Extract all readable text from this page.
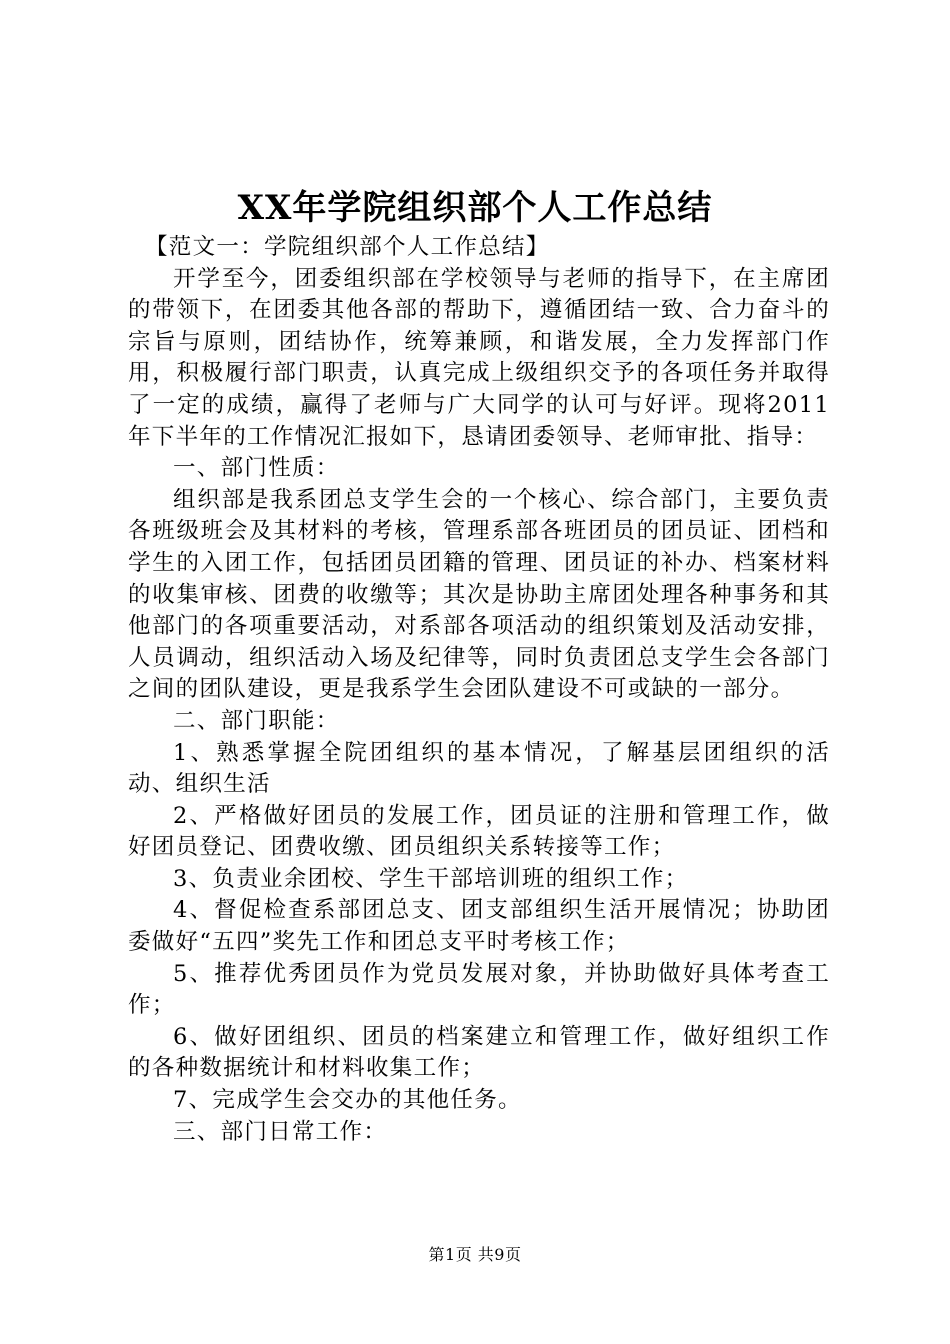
XX年学院组织部个人工作总结

【范文一：学院组织部个人工作总结】

开学至今，团委组织部在学校领导与老师的指导下，在主席团的带领下，在团委其他各部的帮助下，遵循团结一致、合力奋斗的宗旨与原则，团结协作，统筹兼顾，和谐发展，全力发挥部门作用，积极履行部门职责，认真完成上级组织交予的各项任务并取得了一定的成绩，赢得了老师与广大同学的认可与好评。现将2011年下半年的工作情况汇报如下，恳请团委领导、老师审批、指导：

一、部门性质：

组织部是我系团总支学生会的一个核心、综合部门，主要负责各班级班会及其材料的考核，管理系部各班团员的团员证、团档和学生的入团工作，包括团员团籍的管理、团员证的补办、档案材料的收集审核、团费的收缴等；其次是协助主席团处理各种事务和其他部门的各项重要活动，对系部各项活动的组织策划及活动安排，人员调动，组织活动入场及纪律等，同时负责团总支学生会各部门之间的团队建设，更是我系学生会团队建设不可或缺的一部分。

二、部门职能：

1、熟悉掌握全院团组织的基本情况，了解基层团组织的活动、组织生活

2、严格做好团员的发展工作，团员证的注册和管理工作，做好团员登记、团费收缴、团员组织关系转接等工作；

3、负责业余团校、学生干部培训班的组织工作；

4、督促检查系部团总支、团支部组织生活开展情况；协助团委做好“五四”奖先工作和团总支平时考核工作；

5、推荐优秀团员作为党员发展对象，并协助做好具体考查工作；

6、做好团组织、团员的档案建立和管理工作，做好组织工作的各种数据统计和材料收集工作；

7、完成学生会交办的其他任务。

三、部门日常工作：

第1页 共9页
